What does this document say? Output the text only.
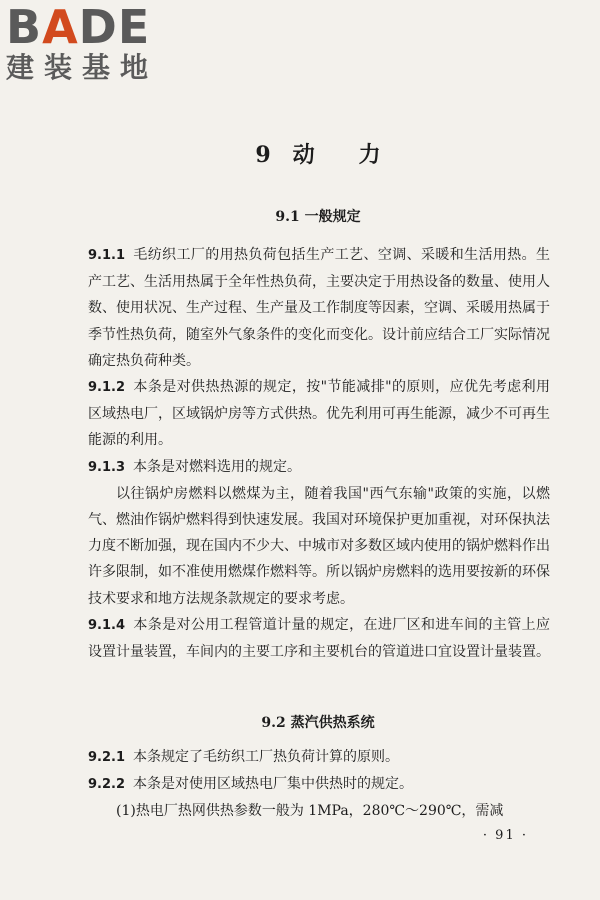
BADE
建装基地
9 动 力
9.1 一般规定

9.1.1 毛纺织工厂的用热负荷包括生产工艺、空调、采暖和生活用热。生产工艺、生活用热属于全年性热负荷，主要决定于用热设备的数量、使用人数、使用状况、生产过程、生产量及工作制度等因素，空调、采暖用热属于季节性热负荷，随室外气象条件的变化而变化。设计前应结合工厂实际情况确定热负荷种类。

9.1.2 本条是对供热热源的规定，按"节能减排"的原则，应优先考虑利用区域热电厂，区域锅炉房等方式供热。优先利用可再生能源，减少不可再生能源的利用。

9.1.3 本条是对燃料选用的规定。

以往锅炉房燃料以燃煤为主，随着我国"西气东输"政策的实施，以燃气、燃油作锅炉燃料得到快速发展。我国对环境保护更加重视，对环保执法力度不断加强，现在国内不少大、中城市对多数区域内使用的锅炉燃料作出许多限制，如不准使用燃煤作燃料等。所以锅炉房燃料的选用要按新的环保技术要求和地方法规条款规定的要求考虑。

9.1.4 本条是对公用工程管道计量的规定，在进厂区和进车间的主管上应设置计量装置，车间内的主要工序和主要机台的管道进口宜设置计量装置。

9.2 蒸汽供热系统

9.2.1 本条规定了毛纺织工厂热负荷计算的原则。

9.2.2 本条是对使用区域热电厂集中供热时的规定。

(1)热电厂热网供热参数一般为 1MPa，280℃～290℃，需减

· 91 ·
